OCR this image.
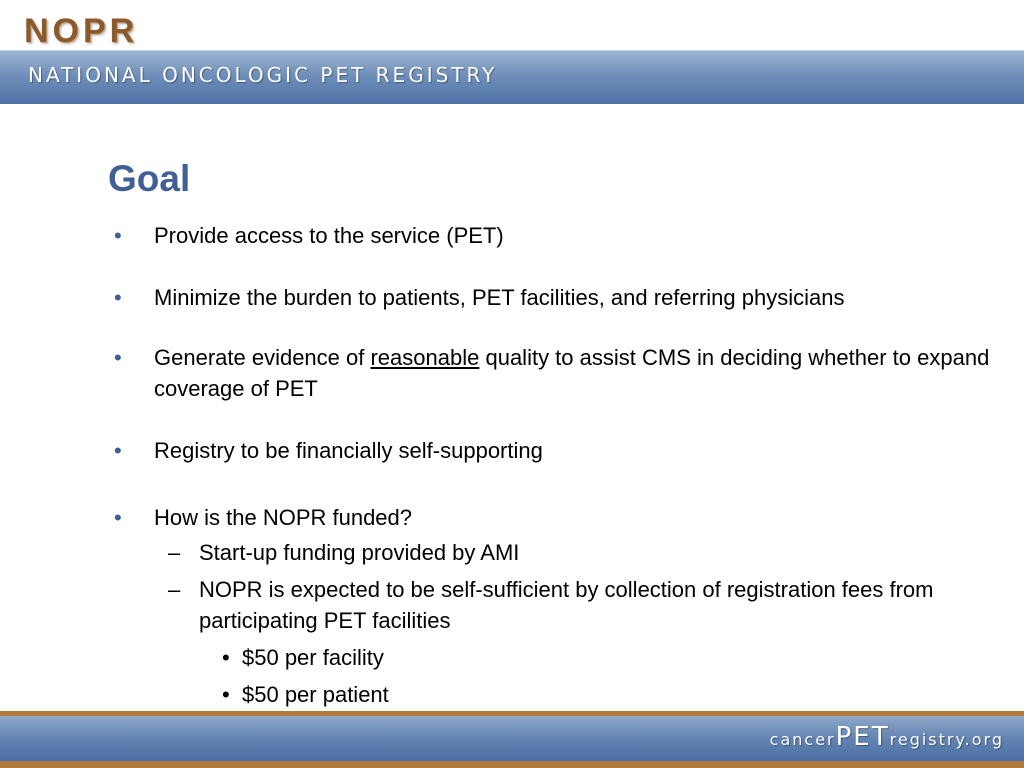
NOPR
NATIONAL ONCOLOGIC PET REGISTRY
Goal
• Provide access to the service (PET)
• Minimize the burden to patients, PET facilities, and referring physicians
• Generate evidence of reasonable quality to assist CMS in deciding whether to expand coverage of PET
• Registry to be financially self-supporting
• How is the NOPR funded?
– Start-up funding provided by AMI
– NOPR is expected to be self-sufficient by collection of registration fees from participating PET facilities
• $50 per facility
• $50 per patient
cancerPETregistry.org
